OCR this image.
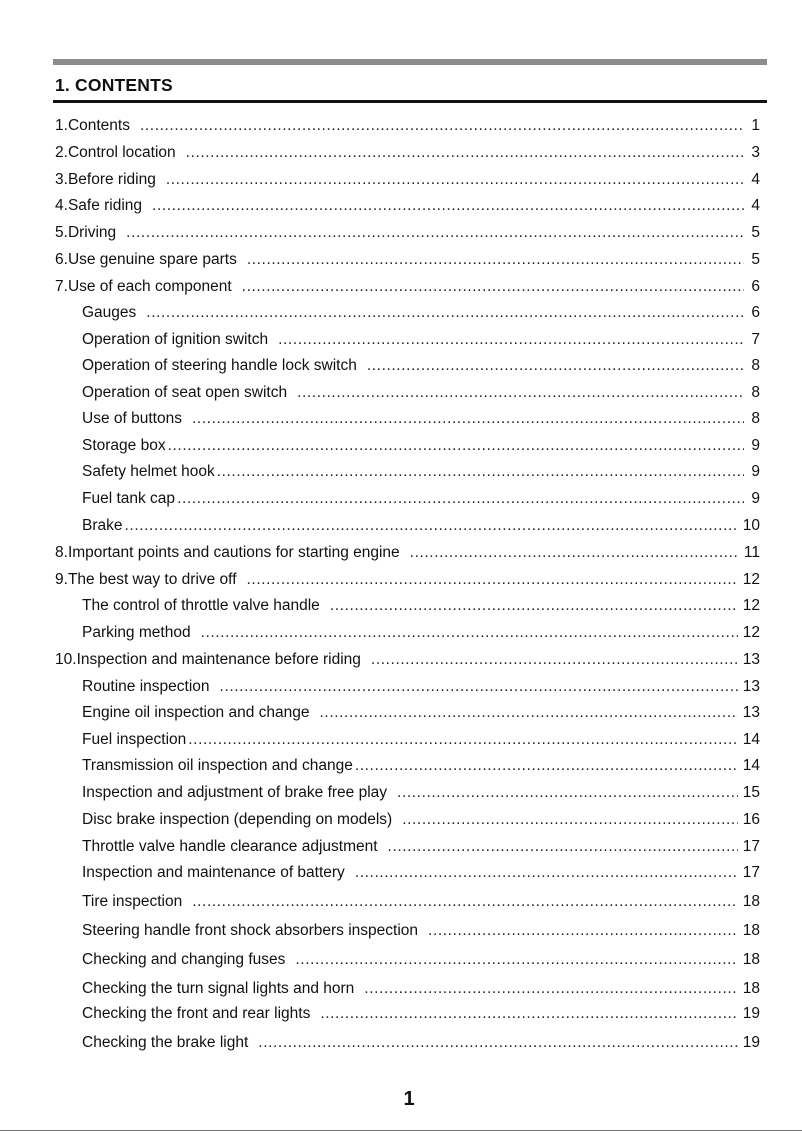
1. CONTENTS
1. Contents .....	1
2. Control location .....	3
3. Before riding .....	4
4. Safe riding .....	4
5. Driving .....	5
6. Use genuine spare parts .....	5
7. Use of each component .....	6
Gauges .....	6
Operation of ignition switch .....	7
Operation of steering handle lock switch .....	8
Operation of seat open switch .....	8
Use of buttons .....	8
Storage box .....	9
Safety helmet hook .....	9
Fuel tank cap .....	9
Brake .....	10
8. Important points and cautions for starting engine .....	11
9. The best way to drive off .....	12
The control of throttle valve handle .....	12
Parking method .....	12
10. Inspection and maintenance before riding .....	13
Routine inspection .....	13
Engine oil inspection and change .....	13
Fuel inspection .....	14
Transmission oil inspection and change .....	14
Inspection and adjustment of brake free play .....	15
Disc brake inspection (depending on models) .....	16
Throttle valve handle clearance adjustment .....	17
Inspection and maintenance of battery .....	17
Tire inspection .....	18
Steering handle front shock absorbers inspection .....	18
Checking and changing fuses .....	18
Checking the turn signal lights and horn .....	18
Checking the front and rear lights .....	19
Checking the brake light .....	19
1
